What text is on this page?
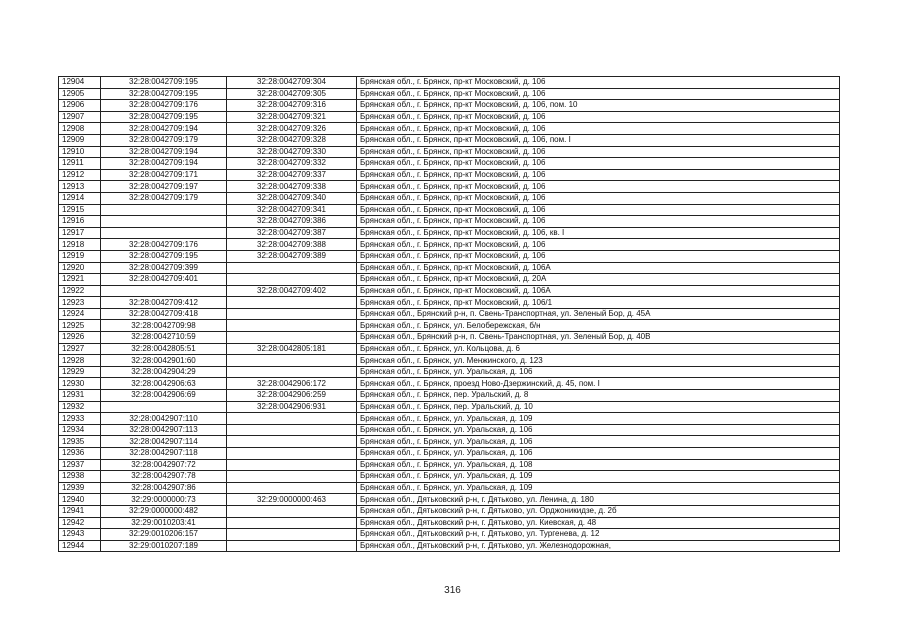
12904	32:28:0042709:195	32:28:0042709:304	Брянская обл., г. Брянск, пр-кт Московский, д. 106
12905	32:28:0042709:195	32:28:0042709:305	Брянская обл., г. Брянск, пр-кт Московский, д. 106
12906	32:28:0042709:176	32:28:0042709:316	Брянская обл., г. Брянск, пр-кт Московский, д. 106, пом. 10
12907	32:28:0042709:195	32:28:0042709:321	Брянская обл., г. Брянск, пр-кт Московский, д. 106
12908	32:28:0042709:194	32:28:0042709:326	Брянская обл., г. Брянск, пр-кт Московский, д. 106
12909	32:28:0042709:179	32:28:0042709:328	Брянская обл., г. Брянск, пр-кт Московский, д. 106, пом. I
12910	32:28:0042709:194	32:28:0042709:330	Брянская обл., г. Брянск, пр-кт Московский, д. 106
12911	32:28:0042709:194	32:28:0042709:332	Брянская обл., г. Брянск, пр-кт Московский, д. 106
12912	32:28:0042709:171	32:28:0042709:337	Брянская обл., г. Брянск, пр-кт Московский, д. 106
12913	32:28:0042709:197	32:28:0042709:338	Брянская обл., г. Брянск, пр-кт Московский, д. 106
12914	32:28:0042709:179	32:28:0042709:340	Брянская обл., г. Брянск, пр-кт Московский, д. 106
12915		32:28:0042709:341	Брянская обл., г. Брянск, пр-кт Московский, д. 106
12916		32:28:0042709:386	Брянская обл., г. Брянск, пр-кт Московский, д. 106
12917		32:28:0042709:387	Брянская обл., г. Брянск, пр-кт Московский, д. 106, кв. I
12918	32:28:0042709:176	32:28:0042709:388	Брянская обл., г. Брянск, пр-кт Московский, д. 106
12919	32:28:0042709:195	32:28:0042709:389	Брянская обл., г. Брянск, пр-кт Московский, д. 106
12920	32:28:0042709:399		Брянская обл., г. Брянск, пр-кт Московский, д. 106А
12921	32:28:0042709:401		Брянская обл., г. Брянск, пр-кт Московский, д. 20А
12922		32:28:0042709:402	Брянская обл., г. Брянск, пр-кт Московский, д. 106А
12923	32:28:0042709:412		Брянская обл., г. Брянск, пр-кт Московский, д. 106/1
12924	32:28:0042709:418		Брянская обл., Брянский р-н, п. Свень-Транспортная, ул. Зеленый Бор, д. 45А
12925	32:28:0042709:98		Брянская обл., г. Брянск, ул. Белобережская, б/н
12926	32:28:0042710:59		Брянская обл., Брянский р-н, п. Свень-Транспортная, ул. Зеленый Бор, д. 40В
12927	32:28:0042805:51	32:28:0042805:181	Брянская обл., г. Брянск, ул. Кольцова, д. 6
12928	32:28:0042901:60		Брянская обл., г. Брянск, ул. Менжинского, д. 123
12929	32:28:0042904:29		Брянская обл., г. Брянск, ул. Уральская, д. 106
12930	32:28:0042906:63	32:28:0042906:172	Брянская обл., г. Брянск, проезд Ново-Дзержинский, д. 45, пом. I
12931	32:28:0042906:69	32:28:0042906:259	Брянская обл., г. Брянск, пер. Уральский, д. 8
12932		32:28:0042906:931	Брянская обл., г. Брянск, пер. Уральский, д. 10
12933	32:28:0042907:110		Брянская обл., г. Брянск, ул. Уральская, д. 109
12934	32:28:0042907:113		Брянская обл., г. Брянск, ул. Уральская, д. 106
12935	32:28:0042907:114		Брянская обл., г. Брянск, ул. Уральская, д. 106
12936	32:28:0042907:118		Брянская обл., г. Брянск, ул. Уральская, д. 106
12937	32:28:0042907:72		Брянская обл., г. Брянск, ул. Уральская, д. 108
12938	32:28:0042907:78		Брянская обл., г. Брянск, ул. Уральская, д. 109
12939	32:28:0042907:86		Брянская обл., г. Брянск, ул. Уральская, д. 109
12940	32:29:0000000:73	32:29:0000000:463	Брянская обл., Дятьковский р-н, г. Дятьково, ул. Ленина, д. 180
12941	32:29:0000000:482		Брянская обл., Дятьковский р-н, г. Дятьково, ул. Орджоникидзе, д. 2б
12942	32:29:0010203:41		Брянская обл., Дятьковский р-н, г. Дятьково, ул. Киевская, д. 48
12943	32:29:0010206:157		Брянская обл., Дятьковский р-н, г. Дятьково, ул. Тургенева, д. 12
12944	32:29:0010207:189		Брянская обл., Дятьковский р-н, г. Дятьково, ул. Железнодорожная,
316
